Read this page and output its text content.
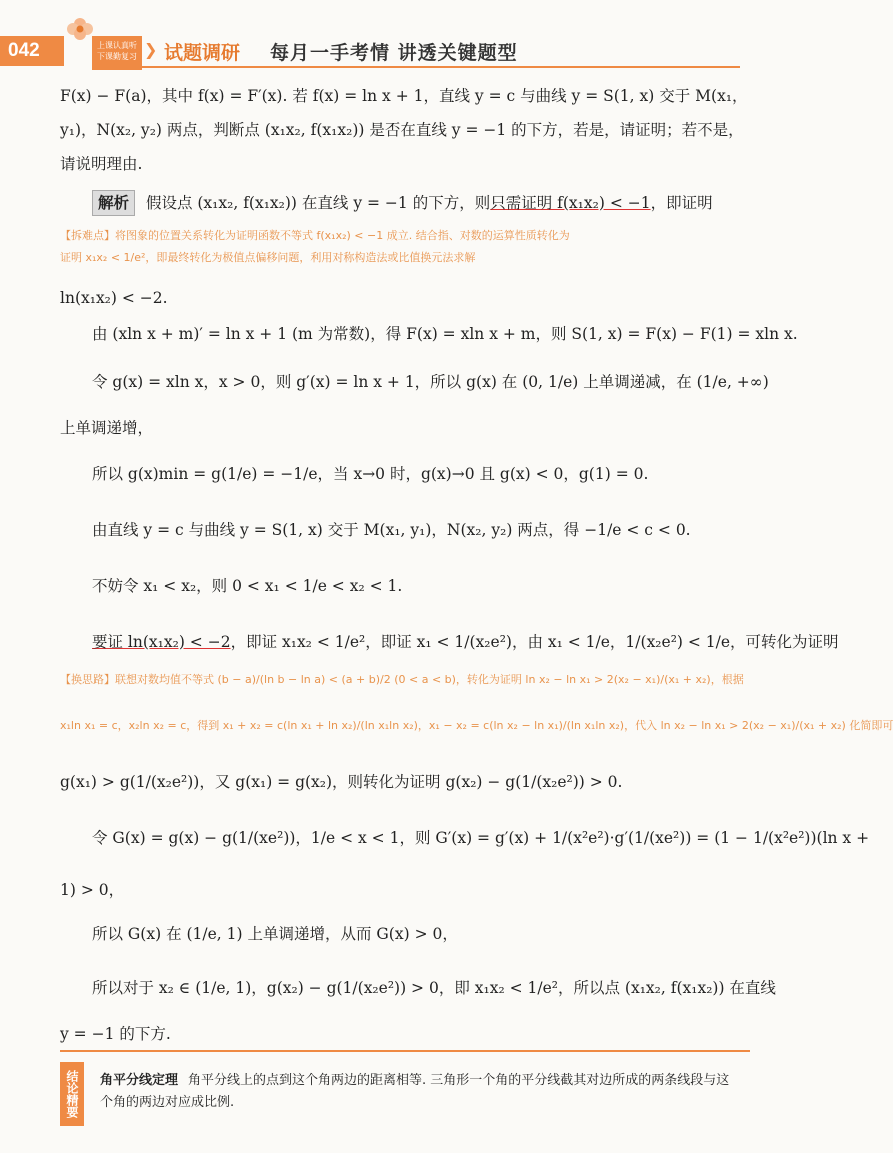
042	上课认真听
下课勤复习 ❯ 试题调研 每月一手考情 讲透关键题型
F(x) − F(a)，其中 f(x) = F′(x). 若 f(x) = ln x + 1，直线 y = c 与曲线 y = S(1, x) 交于 M(x₁，
y₁)，N(x₂, y₂) 两点，判断点 (x₁x₂, f(x₁x₂)) 是否在直线 y = −1 的下方，若是，请证明；若不是，
请说明理由.
解析 假设点 (x₁x₂, f(x₁x₂)) 在直线 y = −1 的下方，则只需证明 f(x₁x₂) < −1，即证明
【拆难点】将图象的位置关系转化为证明函数不等式 f(x₁x₂) < −1 成立. 结合指、对数的运算性质转化为
证明 x₁x₂ < 1/e²，即最终转化为极值点偏移问题，利用对称构造法或比值换元法求解
ln(x₁x₂) < −2.
由 (xln x + m)′ = ln x + 1 (m 为常数)，得 F(x) = xln x + m，则 S(1, x) = F(x) − F(1) = xln x.
令 g(x) = xln x，x > 0，则 g′(x) = ln x + 1，所以 g(x) 在 (0, 1/e) 上单调递减，在 (1/e, +∞)
上单调递增，
所以 g(x)min = g(1/e) = −1/e，当 x→0 时，g(x)→0 且 g(x) < 0，g(1) = 0.
由直线 y = c 与曲线 y = S(1, x) 交于 M(x₁, y₁)，N(x₂, y₂) 两点，得 −1/e < c < 0.
不妨令 x₁ < x₂，则 0 < x₁ < 1/e < x₂ < 1.
要证 ln(x₁x₂) < −2，即证 x₁x₂ < 1/e²，即证 x₁ < 1/(x₂e²)，由 x₁ < 1/e，1/(x₂e²) < 1/e，可转化为证明
【换思路】联想对数均值不等式 (b − a)/(ln b − ln a) < (a + b)/2 (0 < a < b)，转化为证明 ln x₂ − ln x₁ > 2(x₂ − x₁)/(x₁ + x₂)，根据
x₁ln x₁ = c，x₂ln x₂ = c，得到 x₁ + x₂ = c(ln x₁ + ln x₂)/(ln x₁ln x₂)，x₁ − x₂ = c(ln x₂ − ln x₁)/(ln x₁ln x₂)，代入 ln x₂ − ln x₁ > 2(x₂ − x₁)/(x₁ + x₂) 化简即可
g(x₁) > g(1/(x₂e²))，又 g(x₁) = g(x₂)，则转化为证明 g(x₂) − g(1/(x₂e²)) > 0.
令 G(x) = g(x) − g(1/(xe²))，1/e < x < 1，则 G′(x) = g′(x) + 1/(x²e²)·g′(1/(xe²)) = (1 − 1/(x²e²))(ln x +
1) > 0，
所以 G(x) 在 (1/e, 1) 上单调递增，从而 G(x) > 0，
所以对于 x₂ ∈ (1/e, 1)，g(x₂) − g(1/(x₂e²)) > 0，即 x₁x₂ < 1/e²，所以点 (x₁x₂, f(x₁x₂)) 在直线
y = −1 的下方.
结论精要	角平分线定理 角平分线上的点到这个角两边的距离相等. 三角形一个角的平分线截其对边所成的两条线段与这个角的两边对应成比例.
